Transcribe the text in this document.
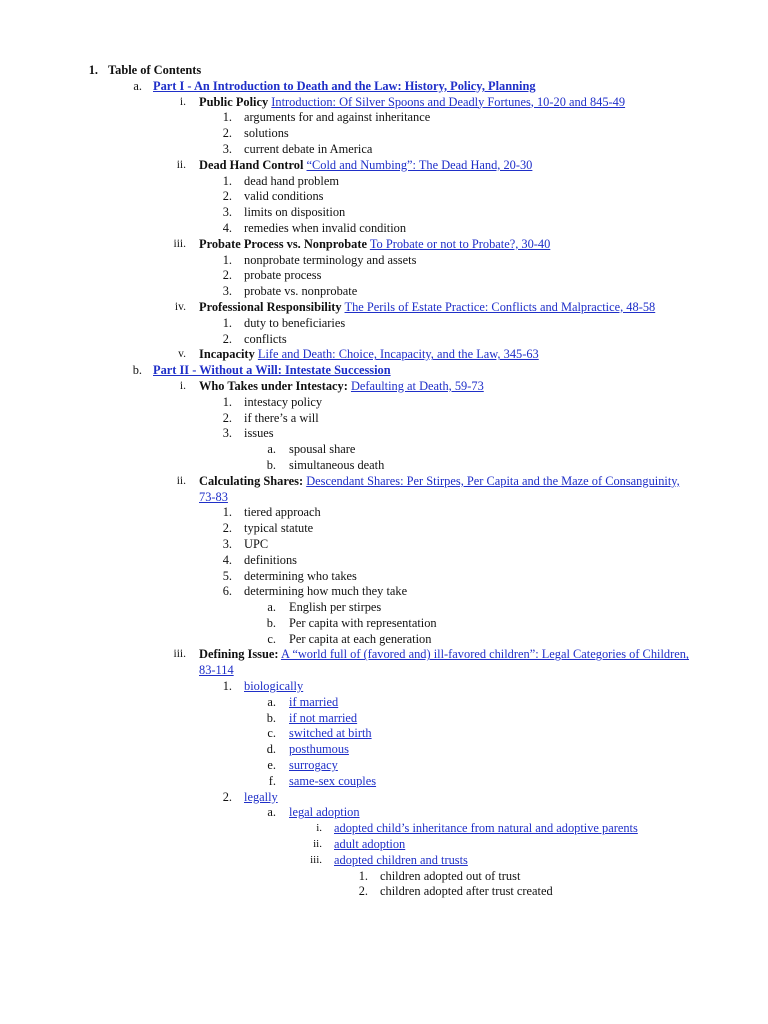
1. Table of Contents
a. Part I - An Introduction to Death and the Law: History, Policy, Planning
i. Public Policy Introduction: Of Silver Spoons and Deadly Fortunes, 10-20 and 845-49
1. arguments for and against inheritance
2. solutions
3. current debate in America
ii. Dead Hand Control “Cold and Numbing”: The Dead Hand, 20-30
1. dead hand problem
2. valid conditions
3. limits on disposition
4. remedies when invalid condition
iii. Probate Process vs. Nonprobate To Probate or not to Probate?, 30-40
1. nonprobate terminology and assets
2. probate process
3. probate vs. nonprobate
iv. Professional Responsibility The Perils of Estate Practice: Conflicts and Malpractice, 48-58
1. duty to beneficiaries
2. conflicts
v. Incapacity Life and Death: Choice, Incapacity, and the Law, 345-63
b. Part II - Without a Will: Intestate Succession
i. Who Takes under Intestacy: Defaulting at Death, 59-73
1. intestacy policy
2. if there’s a will
3. issues
a. spousal share
b. simultaneous death
ii. Calculating Shares: Descendant Shares: Per Stirpes, Per Capita and the Maze of Consanguinity, 73-83
1. tiered approach
2. typical statute
3. UPC
4. definitions
5. determining who takes
6. determining how much they take
a. English per stirpes
b. Per capita with representation
c. Per capita at each generation
iii. Defining Issue: A “world full of (favored and) ill-favored children”: Legal Categories of Children, 83-114
1. biologically
a. if married
b. if not married
c. switched at birth
d. posthumous
e. surrogacy
f. same-sex couples
2. legally
a. legal adoption
i. adopted child’s inheritance from natural and adoptive parents
ii. adult adoption
iii. adopted children and trusts
1. children adopted out of trust
2. children adopted after trust created
